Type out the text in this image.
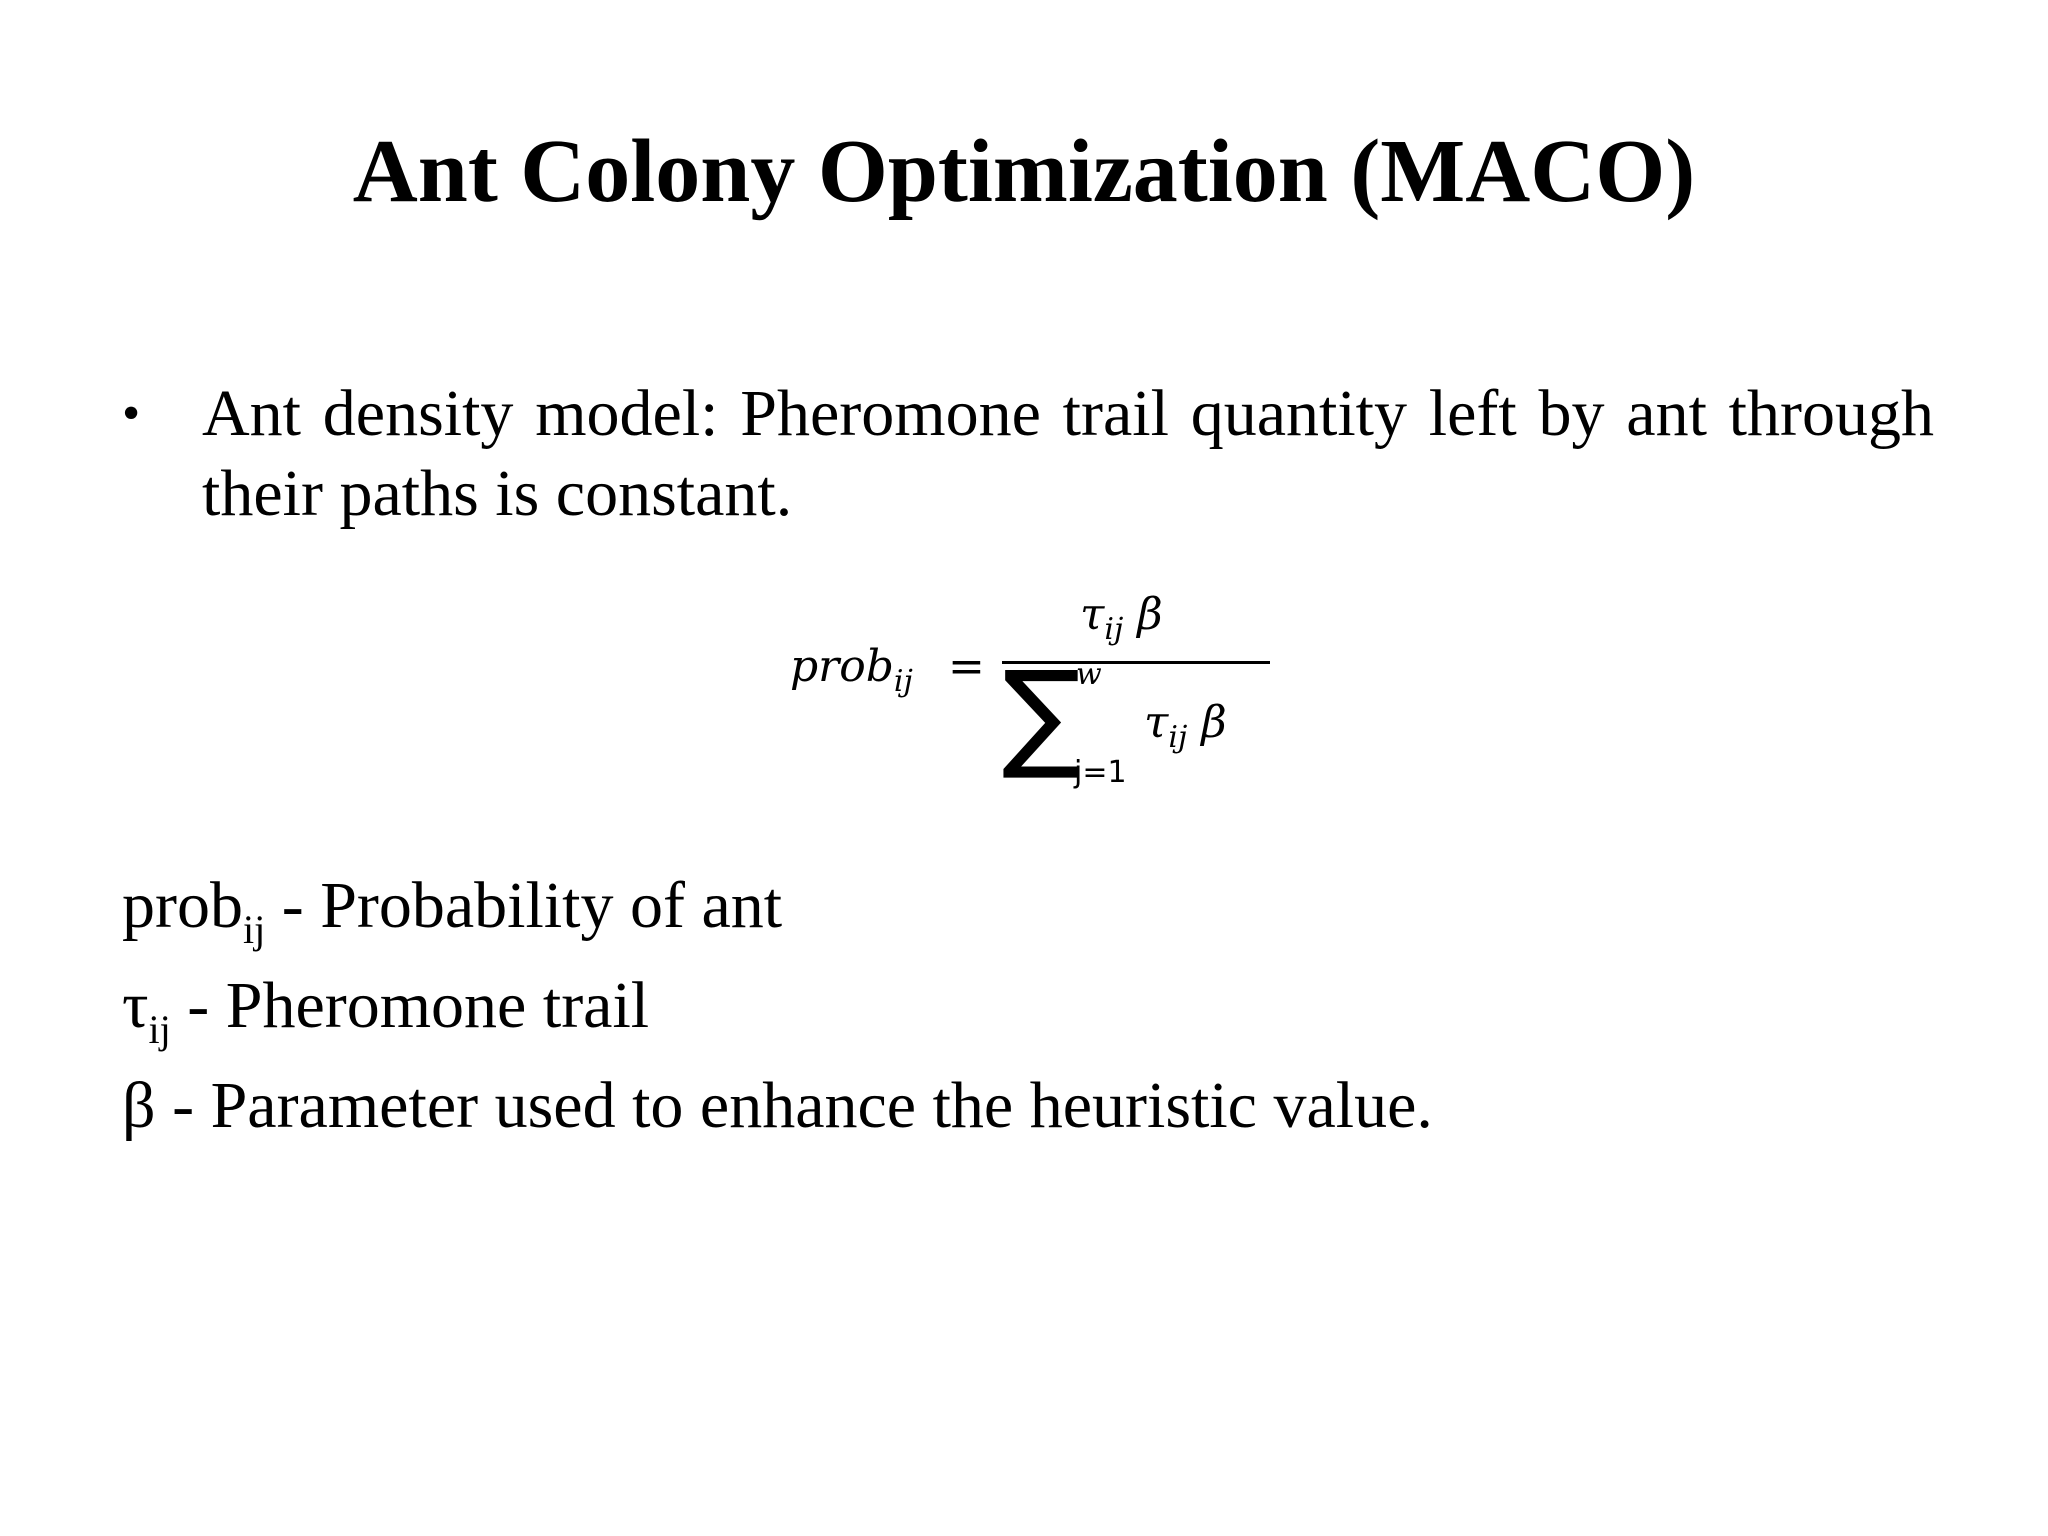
Ant Colony Optimization (MACO)
• Ant density model: Pheromone trail quantity left by ant through their paths is constant.
prob$_{ij}$ =
$\tau_{ij}$ β
∑
w
j=1
$\tau_{ij}$ β
prob$_{ij}$ - Probability of ant
$\tau_{ij}$ - Pheromone trail
β - Parameter used to enhance the heuristic value.
